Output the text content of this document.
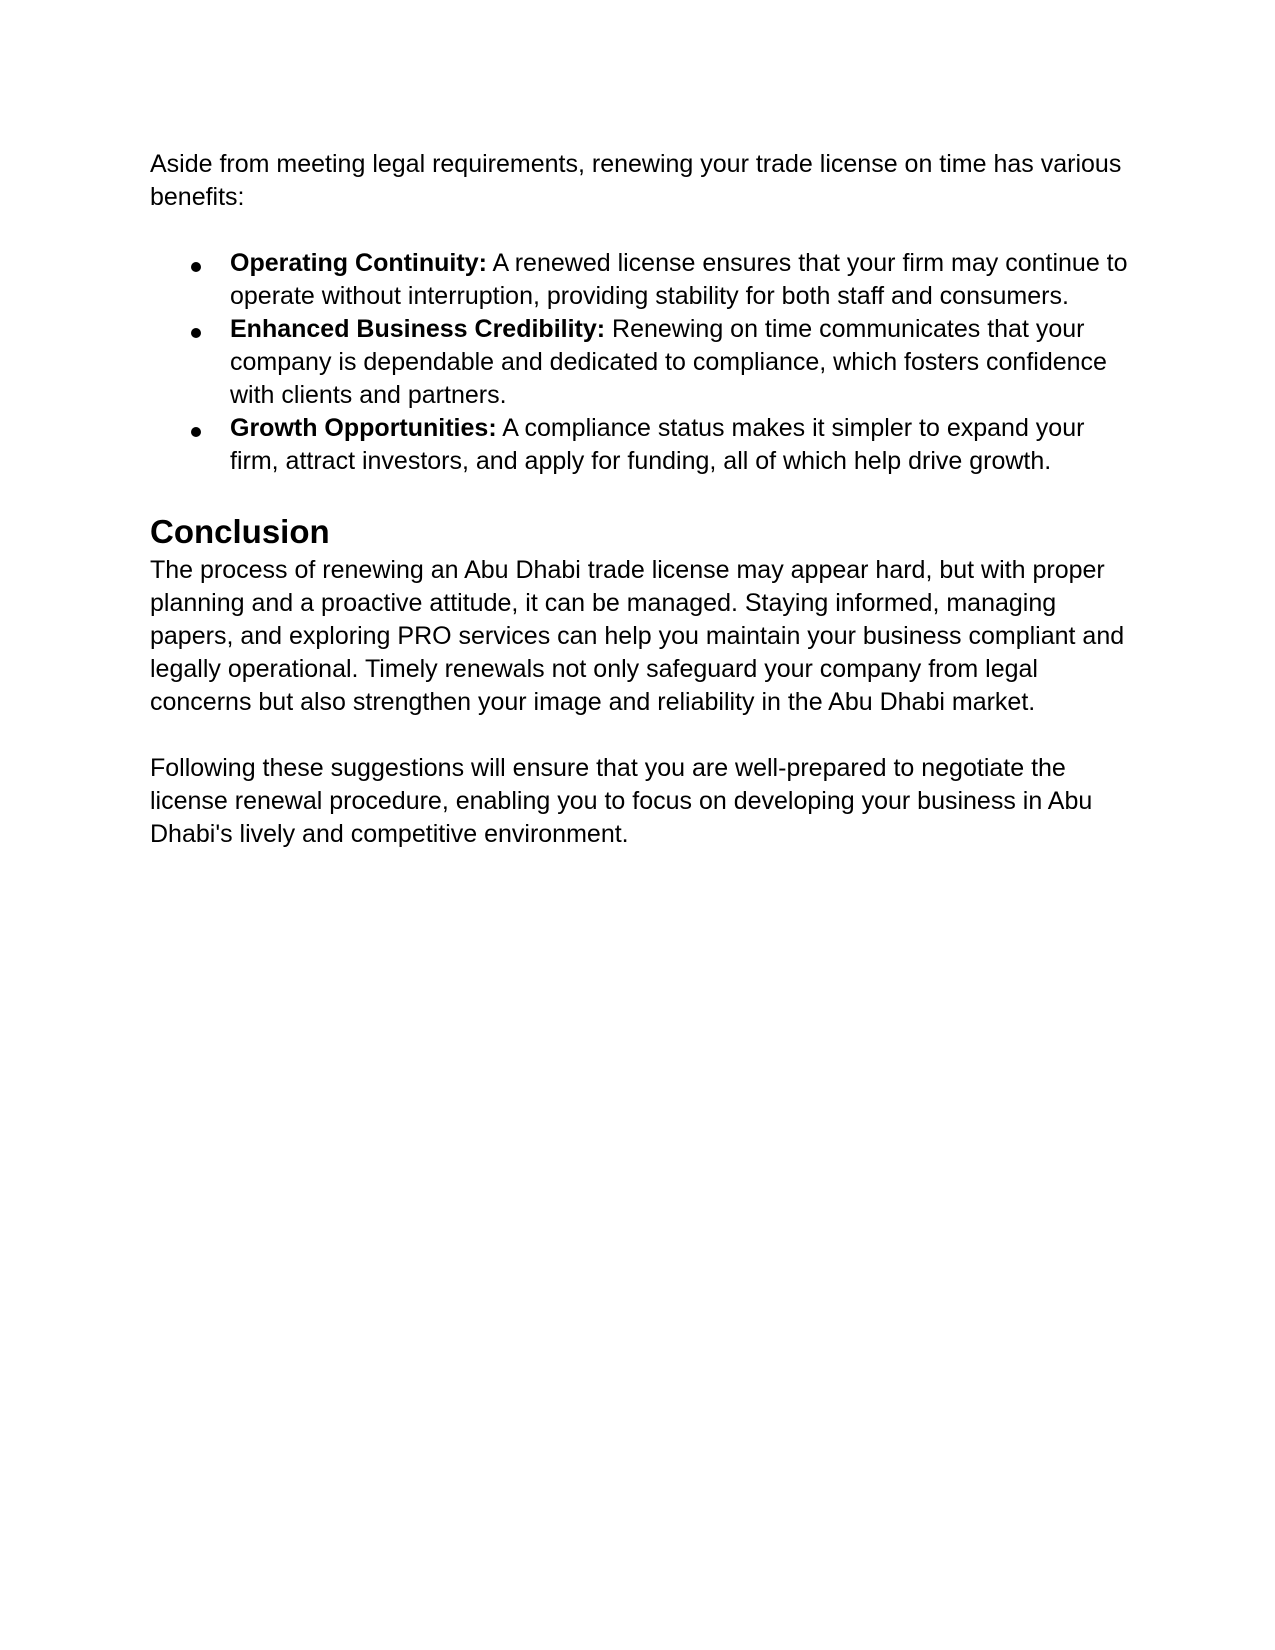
Aside from meeting legal requirements, renewing your trade license on time has various benefits:

Operating Continuity: A renewed license ensures that your firm may continue to operate without interruption, providing stability for both staff and consumers.
Enhanced Business Credibility: Renewing on time communicates that your company is dependable and dedicated to compliance, which fosters confidence with clients and partners.
Growth Opportunities: A compliance status makes it simpler to expand your firm, attract investors, and apply for funding, all of which help drive growth.
Conclusion

The process of renewing an Abu Dhabi trade license may appear hard, but with proper planning and a proactive attitude, it can be managed. Staying informed, managing papers, and exploring PRO services can help you maintain your business compliant and legally operational. Timely renewals not only safeguard your company from legal concerns but also strengthen your image and reliability in the Abu Dhabi market.

Following these suggestions will ensure that you are well-prepared to negotiate the license renewal procedure, enabling you to focus on developing your business in Abu Dhabi's lively and competitive environment.
